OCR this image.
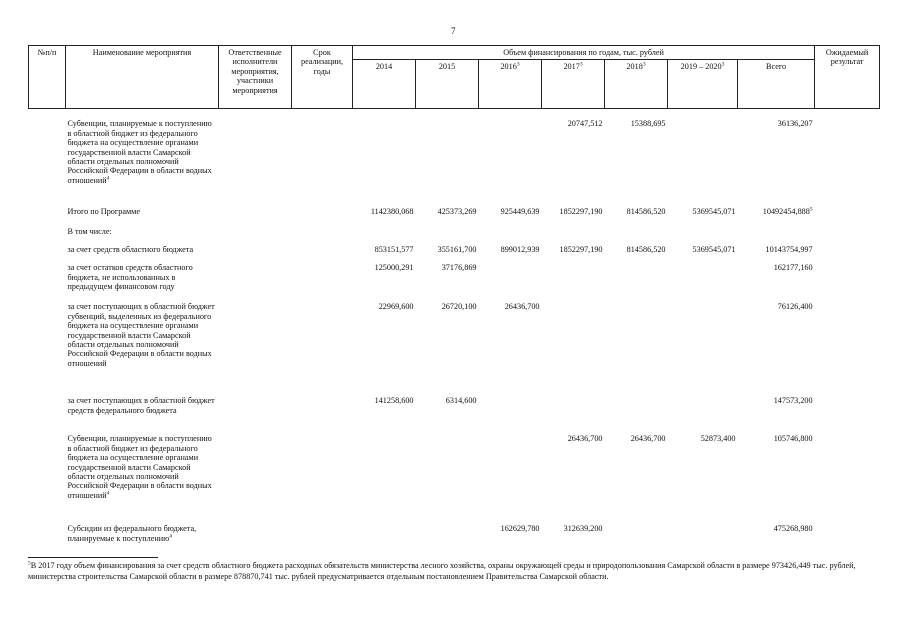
7
№п/п	Наименование мероприятия	Ответственные исполнители мероприятия, участники мероприятия	Срок реализации, годы	Объем финансирования по годам, тыс. рублей							Ожидаемый результат
				2014	2015	2016$^3$	2017$^3$	2018$^3$	2019 – 2020$^3$	Всего	

	Субвенции, планируемые к поступлению в областной бюджет из федерального бюджета на осуществление органами государственной власти Самарской области отдельных полномочий Российской Федерации в области водных отношений$^4$						20747,512	15388,695		36136,207	
	Итого по Программе			1142380,068	425373,269	925449,639	1852297,190	814586,520	5369545,071	10492454,888$^5$	
	В том числе:										
	за счет средств областного бюджета			853151,577	355161,700	899012,939	1852297,190	814586,520	5369545,071	10143754,997	
	за счет остатков средств областного бюджета, не использованных в предыдущем финансовом году			125000,291	37176,869					162177,160	
	за счет поступающих в областной бюджет субвенций, выделенных из федерального бюджета на осуществление органами государственной власти Самарской области отдельных полномочий Российской Федерации в области водных отношений			22969,600	26720,100	26436,700				76126,400	
	за счет поступающих в областной бюджет средств федерального бюджета			141258,600	6314,600					147573,200	
	Субвенции, планируемые к поступлению в областной бюджет из федерального бюджета на осуществление органами государственной власти Самарской области отдельных полномочий Российской Федерации в области водных отношений$^4$						26436,700	26436,700	52873,400	105746,800	
	Субсидии из федерального бюджета, планируемые к поступлению$^4$					162629,780	312639,200			475268,980	
$^5$В 2017 году объем финансирования за счет средств областного бюджета расходных обязательств министерства лесного хозяйства, охраны окружающей среды и природопользования Самарской области в размере 973426,449 тыс. рублей, министерства строительства Самарской области в размере 878870,741 тыс. рублей предусматривается отдельным постановлением Правительства Самарской области.
